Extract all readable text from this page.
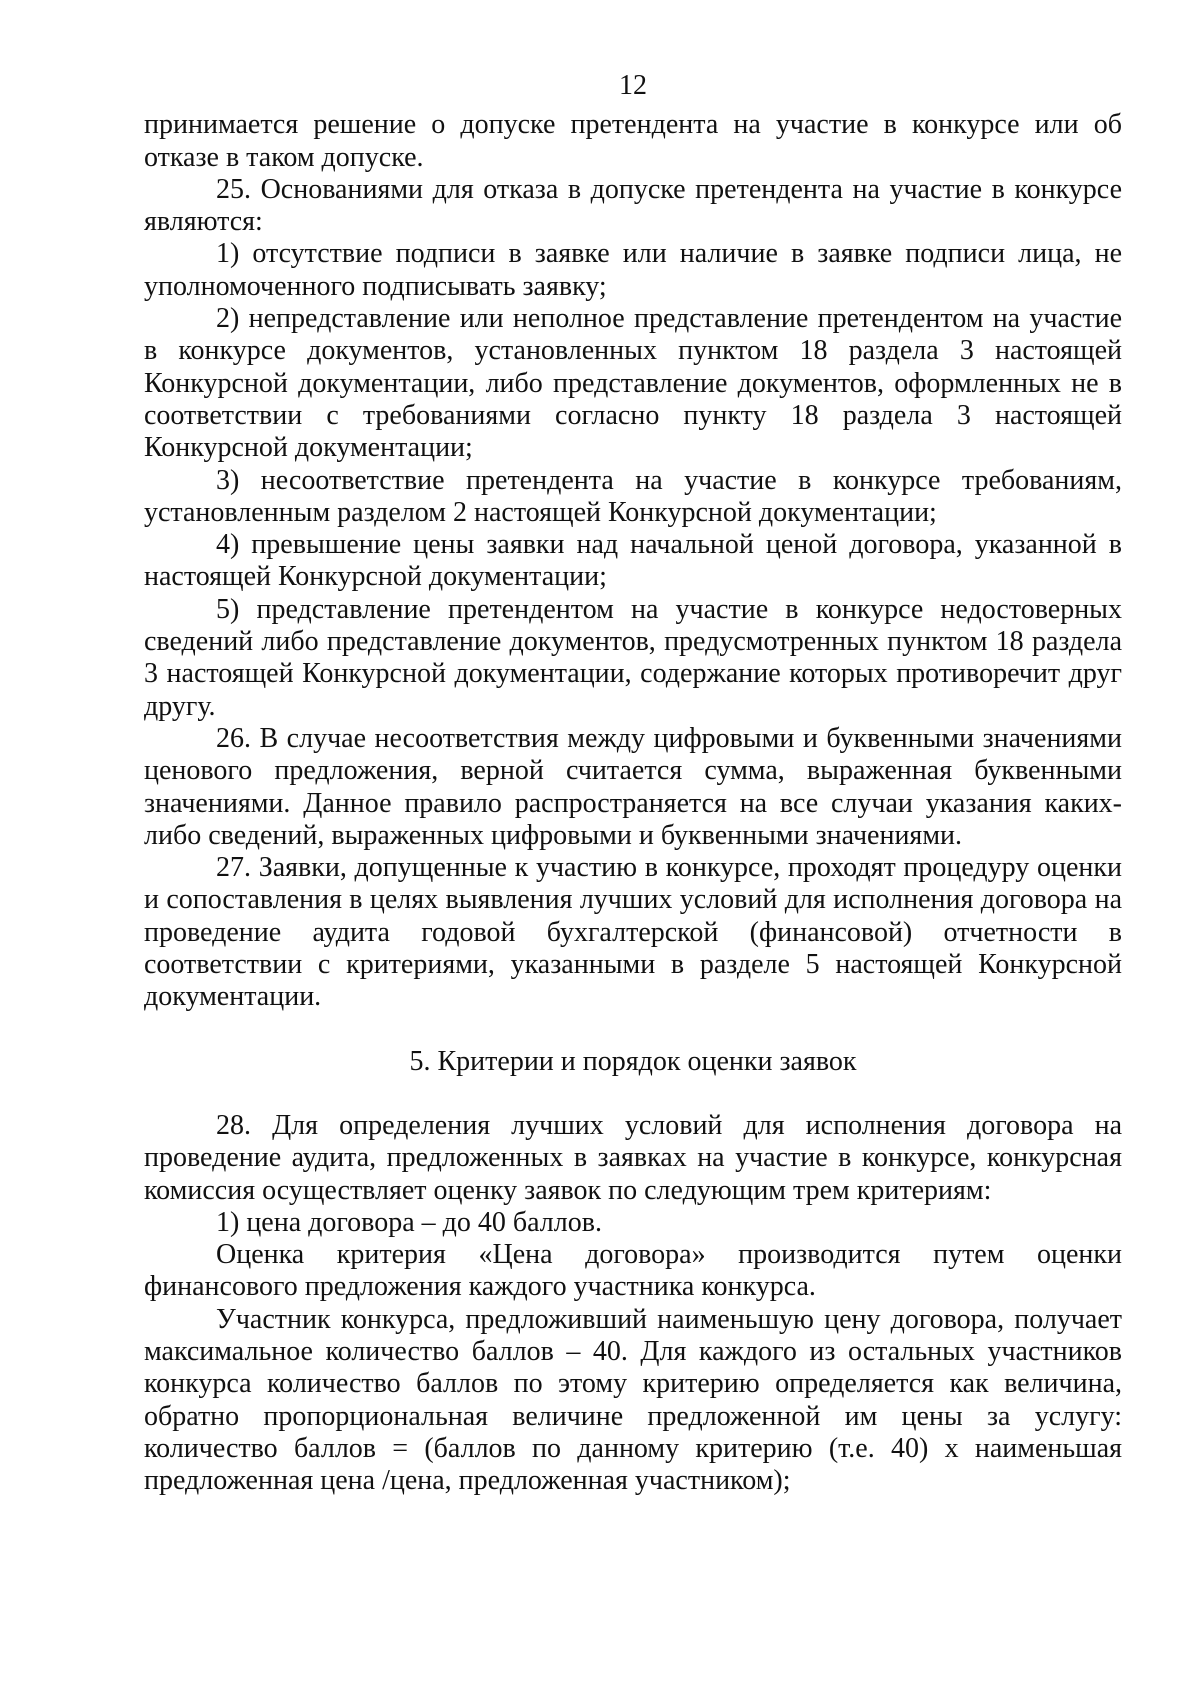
12

принимается решение о допуске претендента на участие в конкурсе или об отказе в таком допуске.

25. Основаниями для отказа в допуске претендента на участие в конкурсе являются:

1) отсутствие подписи в заявке или наличие в заявке подписи лица, не уполномоченного подписывать заявку;

2) непредставление или неполное представление претендентом на участие в конкурсе документов, установленных пунктом 18 раздела 3 настоящей Конкурсной документации, либо представление документов, оформленных не в соответствии с требованиями согласно пункту 18 раздела 3 настоящей Конкурсной документации;

3) несоответствие претендента на участие в конкурсе требованиям, установленным разделом 2 настоящей Конкурсной документации;

4) превышение цены заявки над начальной ценой договора, указанной в настоящей Конкурсной документации;

5) представление претендентом на участие в конкурсе недостоверных сведений либо представление документов, предусмотренных пунктом 18 раздела 3 настоящей Конкурсной документации, содержание которых противоречит друг другу.

26. В случае несоответствия между цифровыми и буквенными значениями ценового предложения, верной считается сумма, выраженная буквенными значениями. Данное правило распространяется на все случаи указания каких-либо сведений, выраженных цифровыми и буквенными значениями.

27. Заявки, допущенные к участию в конкурсе, проходят процедуру оценки и сопоставления в целях выявления лучших условий для исполнения договора на проведение аудита годовой бухгалтерской (финансовой) отчетности в соответствии с критериями, указанными в разделе 5 настоящей Конкурсной документации.

5. Критерии и порядок оценки заявок

28. Для определения лучших условий для исполнения договора на проведение аудита, предложенных в заявках на участие в конкурсе, конкурсная комиссия осуществляет оценку заявок по следующим трем критериям:

1) цена договора – до 40 баллов.

Оценка критерия «Цена договора» производится путем оценки финансового предложения каждого участника конкурса.

Участник конкурса, предложивший наименьшую цену договора, получает максимальное количество баллов – 40. Для каждого из остальных участников конкурса количество баллов по этому критерию определяется как величина, обратно пропорциональная величине предложенной им цены за услугу: количество баллов = (баллов по данному критерию (т.е. 40) х наименьшая предложенная цена /цена, предложенная участником);
